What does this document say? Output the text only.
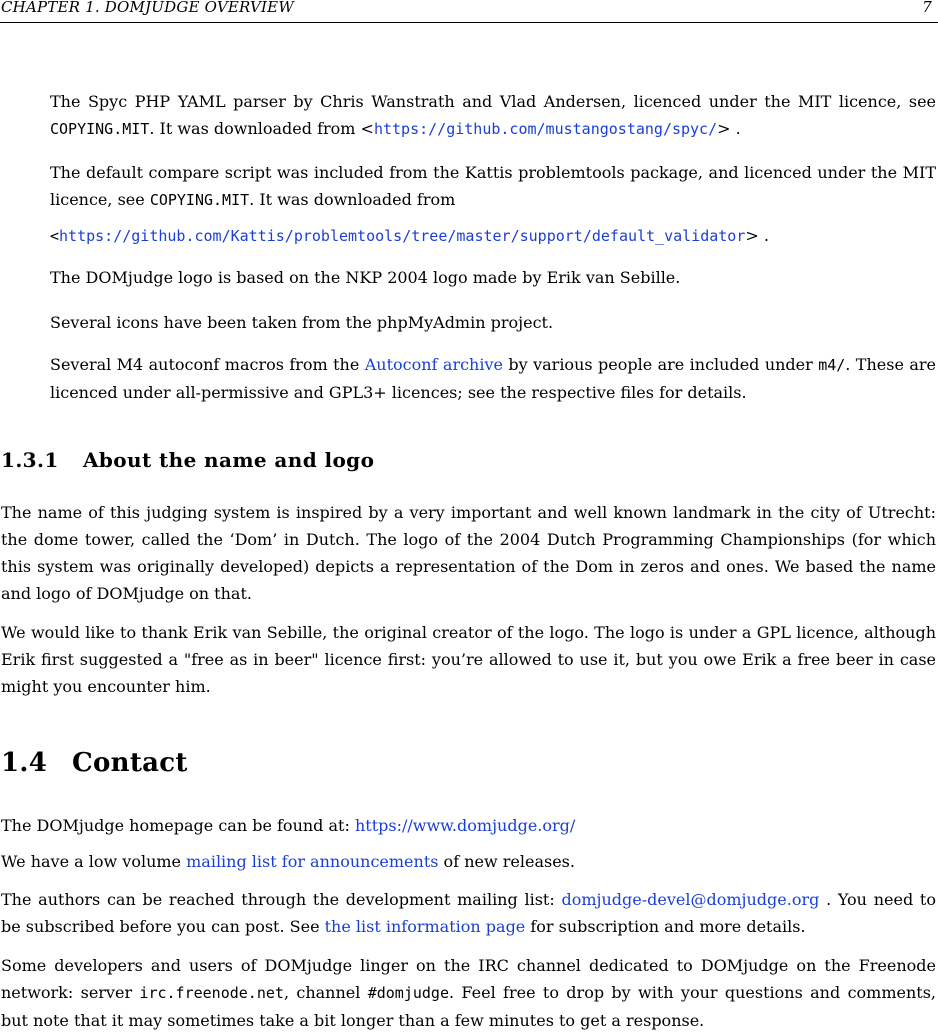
CHAPTER 1. DOMJUDGE OVERVIEW	7
The Spyc PHP YAML parser by Chris Wanstrath and Vlad Andersen, licenced under the MIT licence, see COPYING.MIT. It was downloaded from <https://github.com/mustangostang/spyc/> .
The default compare script was included from the Kattis problemtools package, and licenced under the MIT licence, see COPYING.MIT. It was downloaded from
<https://github.com/Kattis/problemtools/tree/master/support/default_validator> .
The DOMjudge logo is based on the NKP 2004 logo made by Erik van Sebille.
Several icons have been taken from the phpMyAdmin project.
Several M4 autoconf macros from the Autoconf archive by various people are included under m4/. These are licenced under all-permissive and GPL3+ licences; see the respective files for details.
1.3.1 About the name and logo
The name of this judging system is inspired by a very important and well known landmark in the city of Utrecht: the dome tower, called the ‘Dom’ in Dutch. The logo of the 2004 Dutch Programming Championships (for which this system was originally developed) depicts a representation of the Dom in zeros and ones. We based the name and logo of DOMjudge on that.
We would like to thank Erik van Sebille, the original creator of the logo. The logo is under a GPL licence, although Erik first suggested a "free as in beer" licence first: you’re allowed to use it, but you owe Erik a free beer in case might you encounter him.
1.4 Contact
The DOMjudge homepage can be found at: https://www.domjudge.org/
We have a low volume mailing list for announcements of new releases.
The authors can be reached through the development mailing list: domjudge-devel@domjudge.org . You need to be subscribed before you can post. See the list information page for subscription and more details.
Some developers and users of DOMjudge linger on the IRC channel dedicated to DOMjudge on the Freenode network: server irc.freenode.net, channel #domjudge. Feel free to drop by with your questions and comments, but note that it may sometimes take a bit longer than a few minutes to get a response.
